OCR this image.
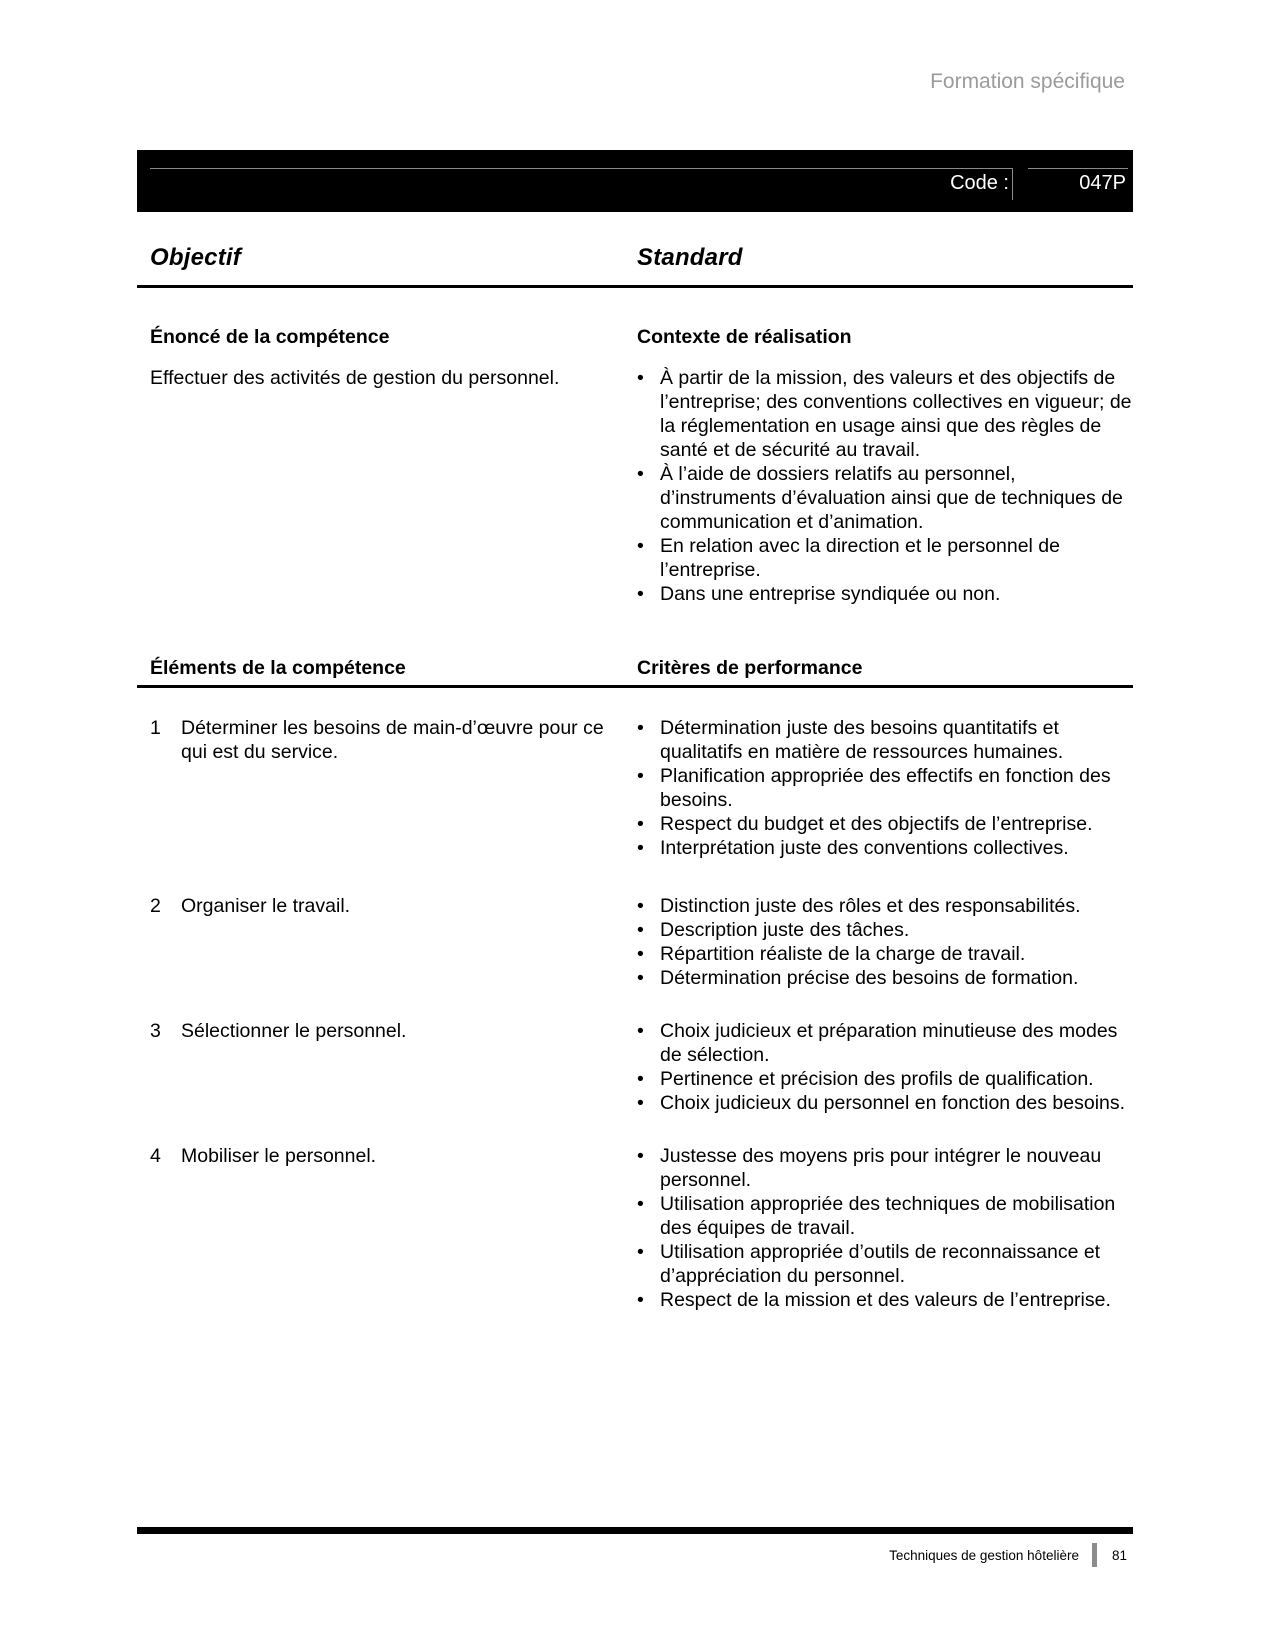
Formation spécifique
Code :	047P
Objectif	Standard
Énoncé de la compétence	Contexte de réalisation
Effectuer des activités de gestion du personnel.	• À partir de la mission, des valeurs et des objectifs de l’entreprise; des conventions collectives en vigueur; de la réglementation en usage ainsi que des règles de santé et de sécurité au travail.
• À l’aide de dossiers relatifs au personnel, d’instruments d’évaluation ainsi que de techniques de communication et d’animation.
• En relation avec la direction et le personnel de l’entreprise.
• Dans une entreprise syndiquée ou non.
Éléments de la compétence	Critères de performance
1	Déterminer les besoins de main-d’œuvre pour ce qui est du service.
• Détermination juste des besoins quantitatifs et qualitatifs en matière de ressources humaines.
• Planification appropriée des effectifs en fonction des besoins.
• Respect du budget et des objectifs de l’entreprise.
• Interprétation juste des conventions collectives.
2	Organiser le travail.	• Distinction juste des rôles et des responsabilités.
• Description juste des tâches.
• Répartition réaliste de la charge de travail.
• Détermination précise des besoins de formation.
3	Sélectionner le personnel.	• Choix judicieux et préparation minutieuse des modes de sélection.
• Pertinence et précision des profils de qualification.
• Choix judicieux du personnel en fonction des besoins.
4	Mobiliser le personnel.	• Justesse des moyens pris pour intégrer le nouveau personnel.
• Utilisation appropriée des techniques de mobilisation des équipes de travail.
• Utilisation appropriée d’outils de reconnaissance et d’appréciation du personnel.
• Respect de la mission et des valeurs de l’entreprise.
Techniques de gestion hôtelière 81
